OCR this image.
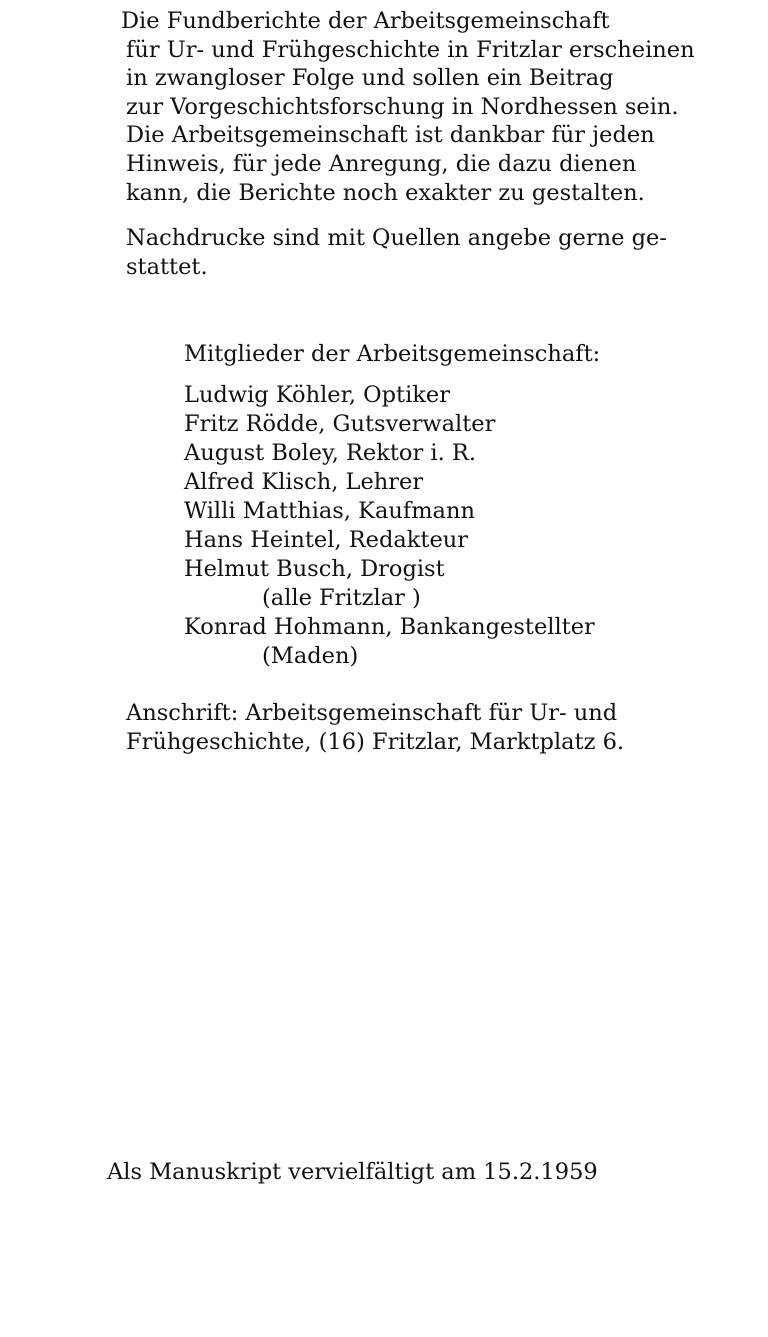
Die Fundberichte der Arbeitsgemeinschaft
für Ur- und Frühgeschichte in Fritzlar erscheinen
in zwangloser Folge und sollen ein Beitrag
zur Vorgeschichtsforschung in Nordhessen sein.
Die Arbeitsgemeinschaft ist dankbar für jeden
Hinweis, für jede Anregung, die dazu dienen
kann, die Berichte noch exakter zu gestalten.
Nachdrucke sind mit Quellen angebe gerne ge-
stattet.
Mitglieder der Arbeitsgemeinschaft:
Ludwig Köhler, Optiker
Fritz Rödde, Gutsverwalter
August Boley, Rektor i. R.
Alfred Klisch, Lehrer
Willi Matthias, Kaufmann
Hans Heintel, Redakteur
Helmut Busch, Drogist
(alle Fritzlar )
Konrad Hohmann, Bankangestellter
(Maden)
Anschrift: Arbeitsgemeinschaft für Ur- und
Frühgeschichte, (16) Fritzlar, Marktplatz 6.
Als Manuskript vervielfältigt am 15.2.1959
